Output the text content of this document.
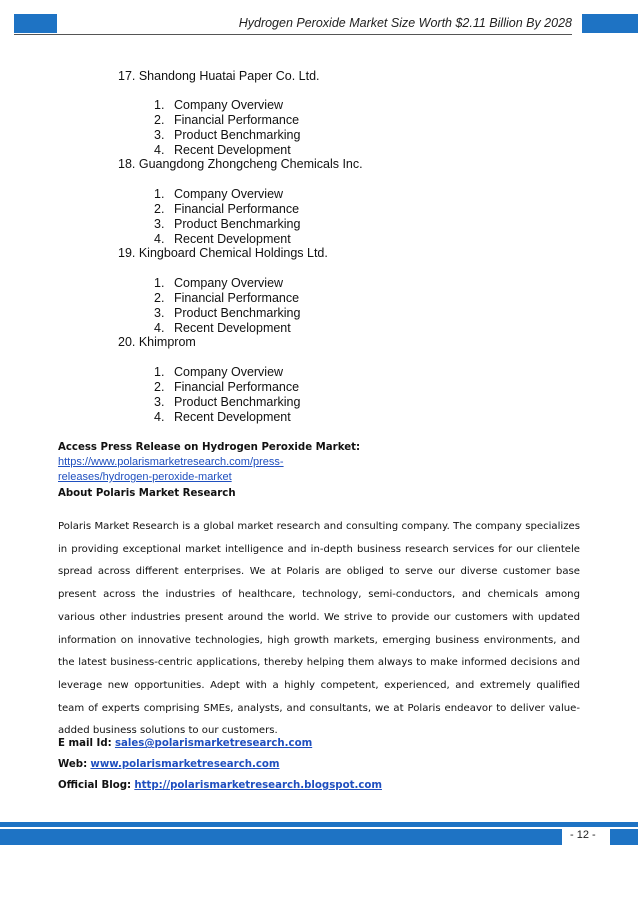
Hydrogen Peroxide Market Size Worth $2.11 Billion By 2028
17. Shandong Huatai Paper Co. Ltd.
1. Company Overview
2. Financial Performance
3. Product Benchmarking
4. Recent Development
18. Guangdong Zhongcheng Chemicals Inc.
1. Company Overview
2. Financial Performance
3. Product Benchmarking
4. Recent Development
19. Kingboard Chemical Holdings Ltd.
1. Company Overview
2. Financial Performance
3. Product Benchmarking
4. Recent Development
20. Khimprom
1. Company Overview
2. Financial Performance
3. Product Benchmarking
4. Recent Development
Access Press Release on Hydrogen Peroxide Market: https://www.polarismarketresearch.com/press-
releases/hydrogen-peroxide-market
About Polaris Market Research
Polaris Market Research is a global market research and consulting company. The company specializes in providing exceptional market intelligence and in-depth business research services for our clientele spread across different enterprises. We at Polaris are obliged to serve our diverse customer base present across the industries of healthcare, technology, semi-conductors, and chemicals among various other industries present around the world. We strive to provide our customers with updated information on innovative technologies, high growth markets, emerging business environments, and the latest business-centric applications, thereby helping them always to make informed decisions and leverage new opportunities. Adept with a highly competent, experienced, and extremely qualified team of experts comprising SMEs, analysts, and consultants, we at Polaris endeavor to deliver value-added business solutions to our customers.
E mail Id: sales@polarismarketresearch.com
Web: www.polarismarketresearch.com
Official Blog: http://polarismarketresearch.blogspot.com
- 12 -
